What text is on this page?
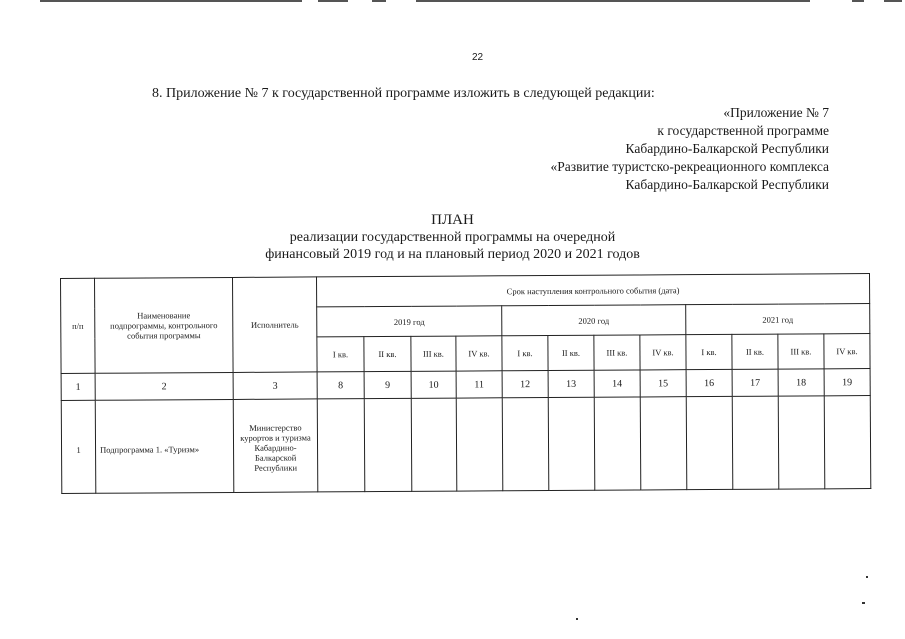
22
8. Приложение № 7 к государственной программе изложить в следующей редакции:
«Приложение № 7
к государственной программе
Кабардино-Балкарской Республики
«Развитие туристско-рекреационного комплекса
Кабардино-Балкарской Республики
ПЛАН
реализации государственной программы на очередной
финансовый 2019 год и на плановый период 2020 и 2021 годов
п/п	Наименование подпрограммы, контрольного события программы	Исполнитель	Срок наступления контрольного события (дата)											
			2019 год				2020 год				2021 год			
			I кв.	II кв.	III кв.	IV кв.	I кв.	II кв.	III кв.	IV кв.	I кв.	II кв.	III кв.	IV кв.
1	2	3	8	9	10	11	12	13	14	15	16	17	18	19
1	Подпрограмма 1. «Туризм»	Министерство курортов и туризма Кабардино-Балкарской Республики												
